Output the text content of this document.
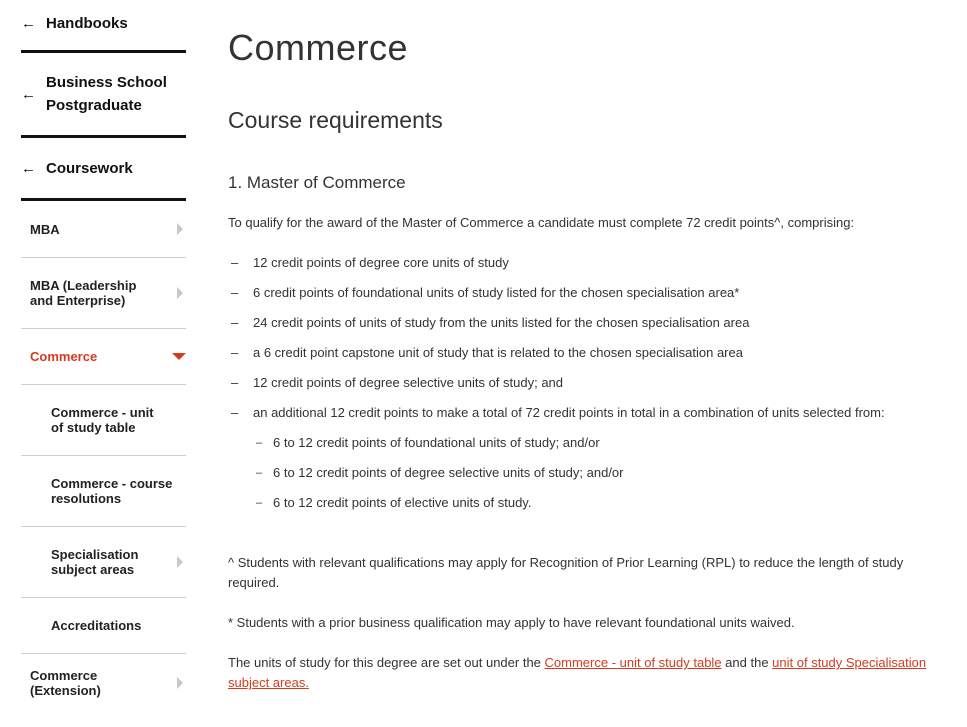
← Handbooks
←
Business School Postgraduate
← Coursework
MBA
MBA (Leadership and Enterprise)
Commerce
Commerce - unit of study table
Commerce - course resolutions
Specialisation subject areas
Accreditations
Commerce (Extension)
Commerce
Course requirements
1. Master of Commerce

To qualify for the award of the Master of Commerce a candidate must complete 72 credit points^, comprising:

– 12 credit points of degree core units of study
– 6 credit points of foundational units of study listed for the chosen specialisation area*
– 24 credit points of units of study from the units listed for the chosen specialisation area
– a 6 credit point capstone unit of study that is related to the chosen specialisation area
– 12 credit points of degree selective units of study; and
– an additional 12 credit points to make a total of 72 credit points in total in a combination of units selected from:
– 6 to 12 credit points of foundational units of study; and/or
– 6 to 12 credit points of degree selective units of study; and/or
– 6 to 12 credit points of elective units of study.

^ Students with relevant qualifications may apply for Recognition of Prior Learning (RPL) to reduce the length of study required.

* Students with a prior business qualification may apply to have relevant foundational units waived.

The units of study for this degree are set out under the Commerce - unit of study table and the unit of study Specialisation subject areas.
